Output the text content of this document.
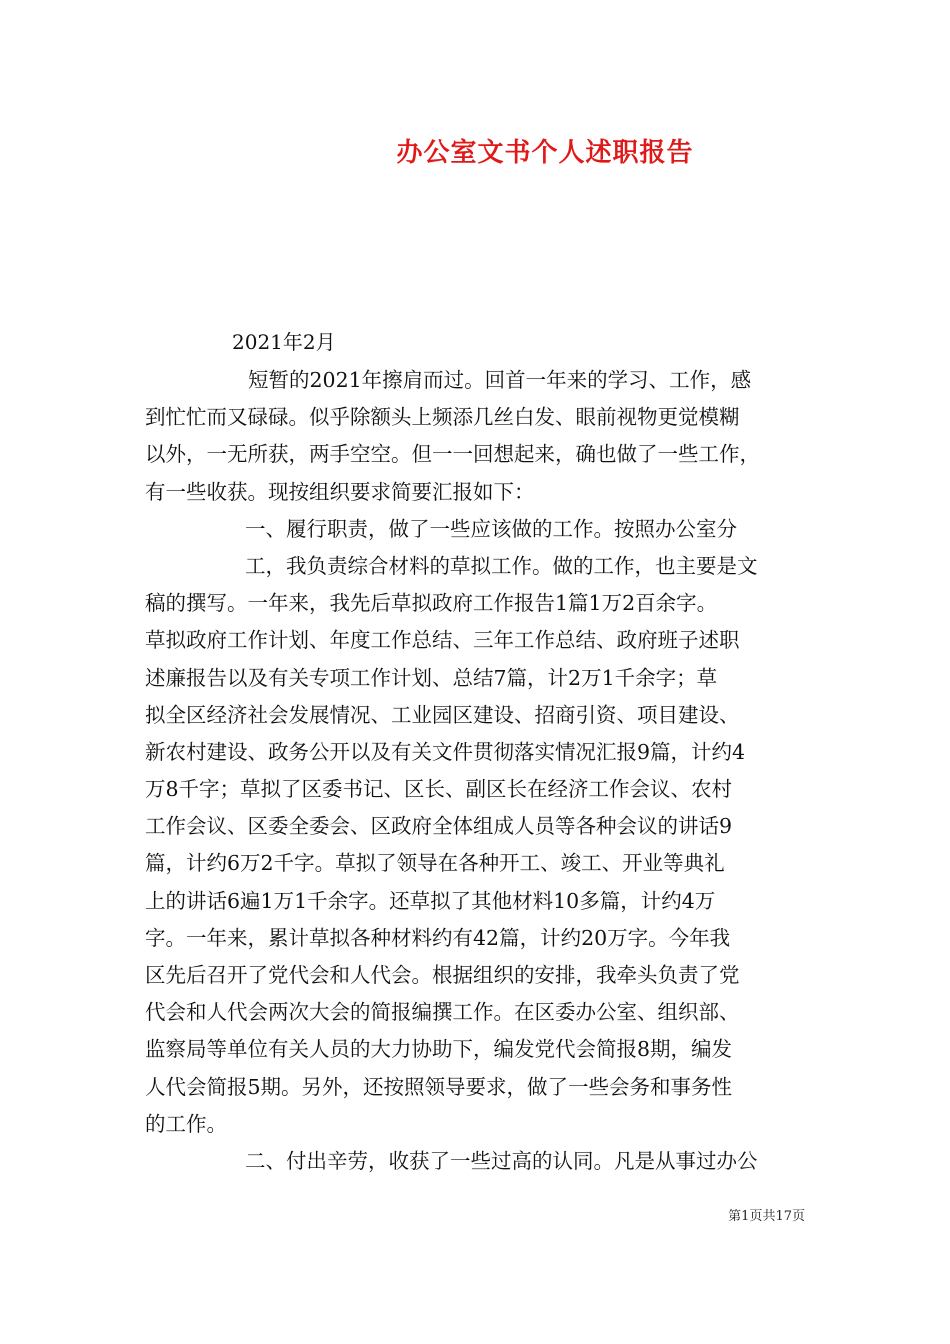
办公室文书个人述职报告
2021年2月
短暂的2021年擦肩而过。回首一年来的学习、工作，感
到忙忙而又碌碌。似乎除额头上频添几丝白发、眼前视物更觉模糊
以外，一无所获，两手空空。但一一回想起来，确也做了一些工作，
有一些收获。现按组织要求简要汇报如下：
一、履行职责，做了一些应该做的工作。按照办公室分
工，我负责综合材料的草拟工作。做的工作，也主要是文
稿的撰写。一年来，我先后草拟政府工作报告1篇1万2百余字。
草拟政府工作计划、年度工作总结、三年工作总结、政府班子述职
述廉报告以及有关专项工作计划、总结7篇，计2万1千余字；草
拟全区经济社会发展情况、工业园区建设、招商引资、项目建设、
新农村建设、政务公开以及有关文件贯彻落实情况汇报9篇，计约4
万8千字；草拟了区委书记、区长、副区长在经济工作会议、农村
工作会议、区委全委会、区政府全体组成人员等各种会议的讲话9
篇，计约6万2千字。草拟了领导在各种开工、竣工、开业等典礼
上的讲话6遍1万1千余字。还草拟了其他材料10多篇，计约4万
字。一年来，累计草拟各种材料约有42篇，计约20万字。今年我
区先后召开了党代会和人代会。根据组织的安排，我牵头负责了党
代会和人代会两次大会的简报编撰工作。在区委办公室、组织部、
监察局等单位有关人员的大力协助下，编发党代会简报8期，编发
人代会简报5期。另外，还按照领导要求，做了一些会务和事务性
的工作。
二、付出辛劳，收获了一些过高的认同。凡是从事过办公
第1页共17页
